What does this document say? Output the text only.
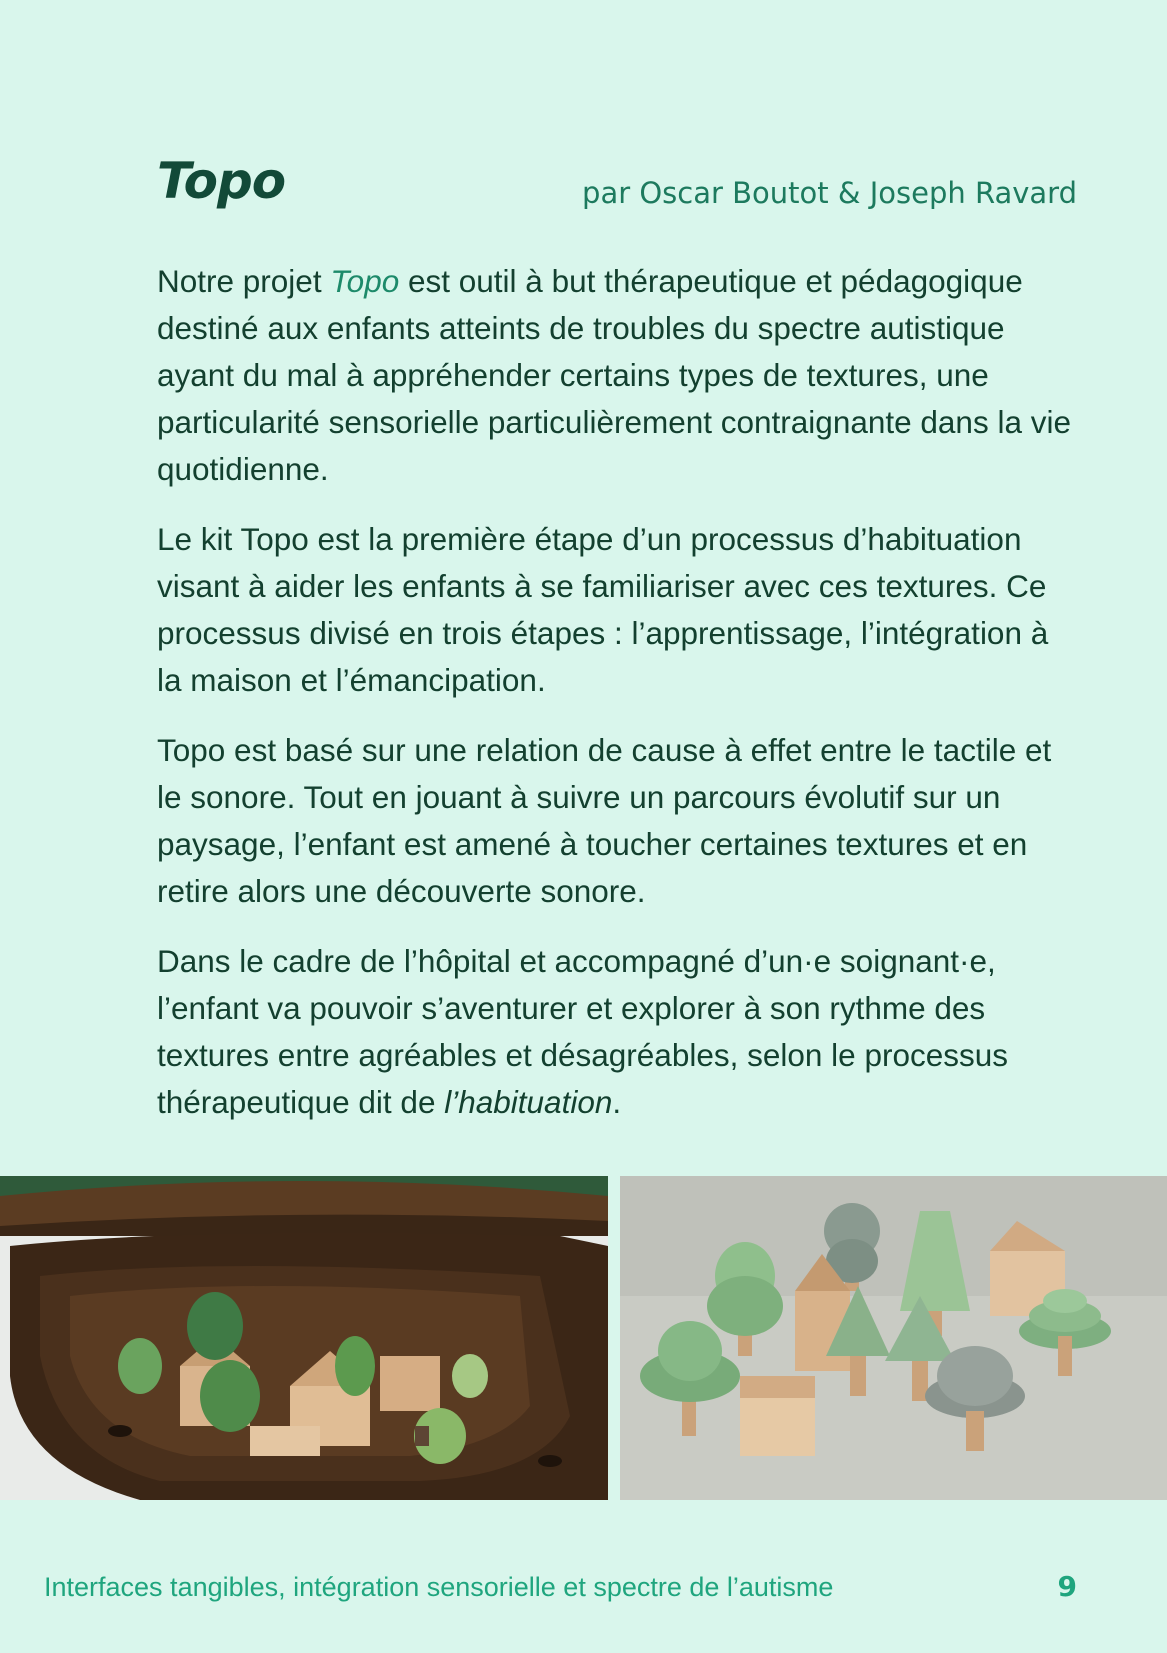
Topo	par Oscar Boutot & Joseph Ravard

Notre projet Topo est outil à but thérapeutique et pédagogique destiné aux enfants atteints de troubles du spectre autistique ayant du mal à appréhender certains types de textures, une particularité sensorielle particulièrement contraignante dans la vie quotidienne.

Le kit Topo est la première étape d’un processus d’habituation visant à aider les enfants à se familiariser avec ces textures. Ce processus divisé en trois étapes : l’apprentissage, l’intégration à la maison et l’émancipation.

Topo est basé sur une relation de cause à effet entre le tactile et le sonore. Tout en jouant à suivre un parcours évolutif sur un paysage, l’enfant est amené à toucher certaines textures et en retire alors une découverte sonore.

Dans le cadre de l’hôpital et accompagné d’un·e soignant·e, l’enfant va pouvoir s’aventurer et explorer à son rythme des textures entre agréables et désagréables, selon le processus thérapeutique dit de l’habituation.

Interfaces tangibles, intégration sensorielle et spectre de l’autisme	9
